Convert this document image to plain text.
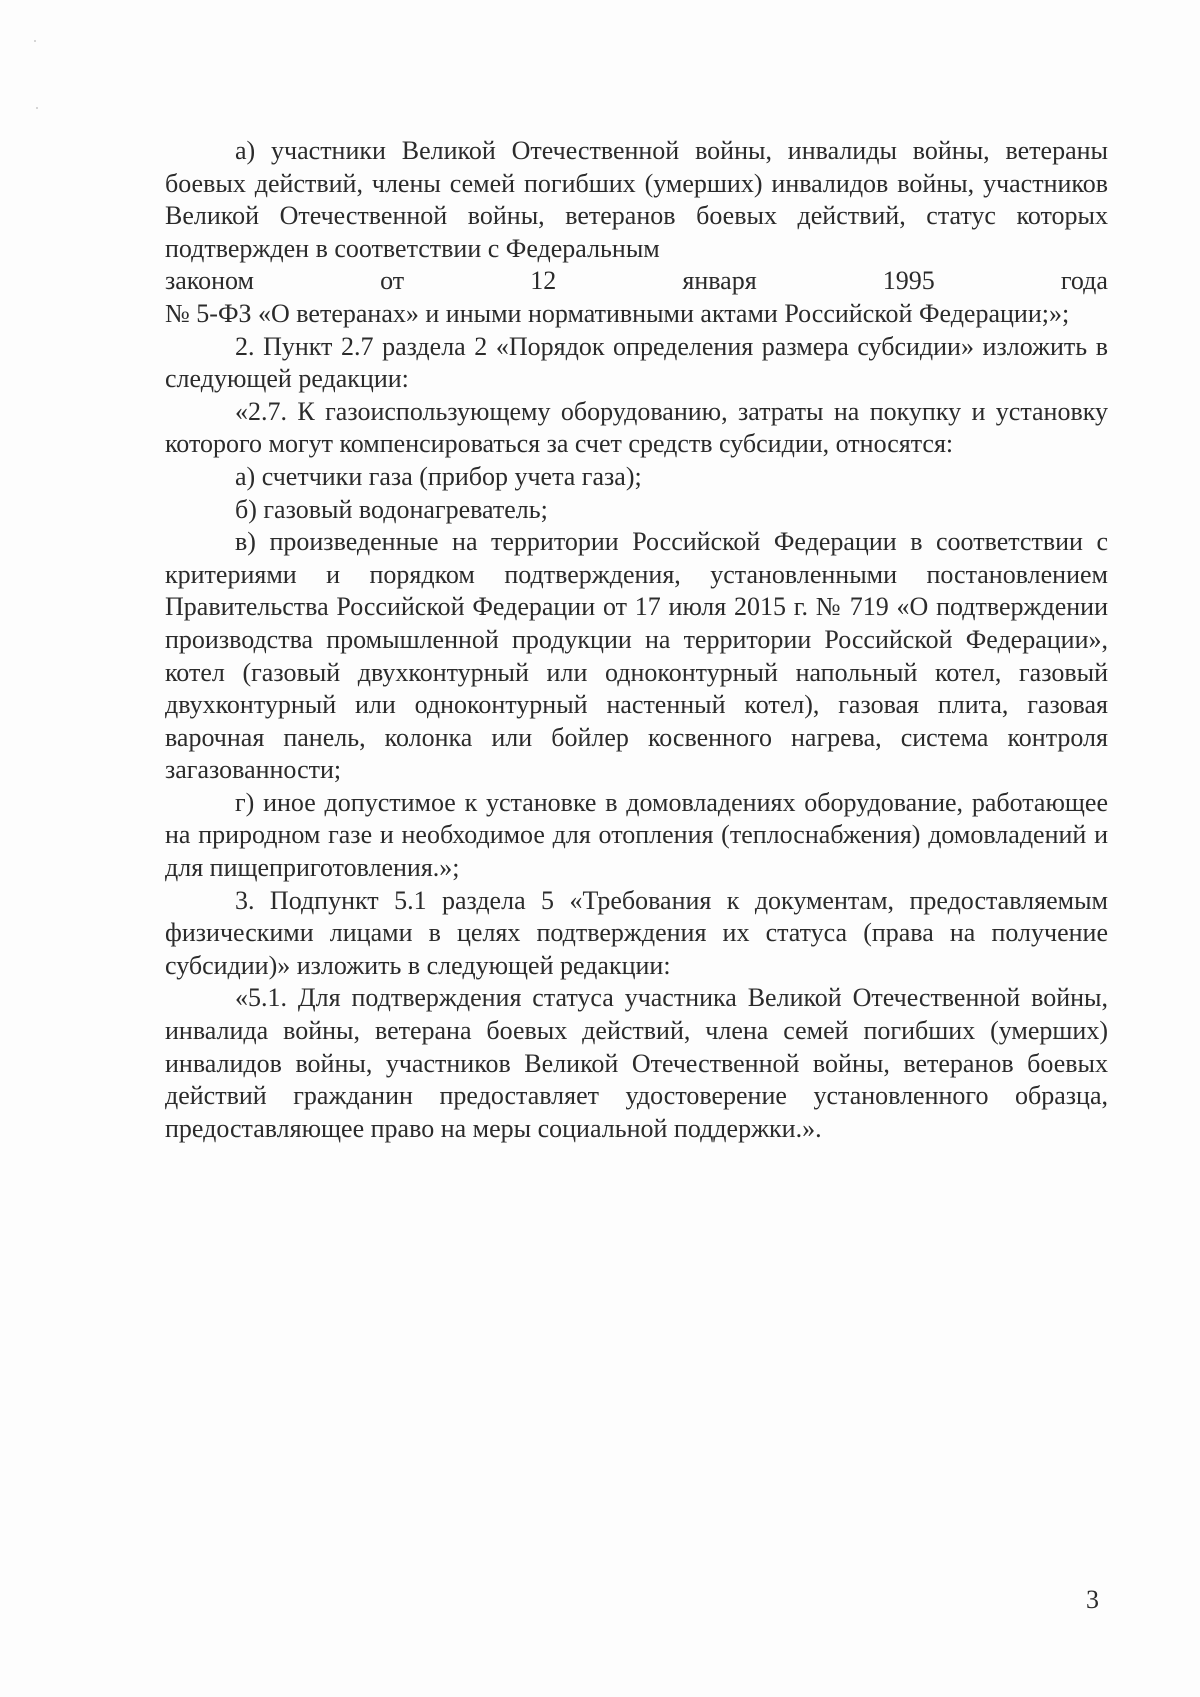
а) участники Великой Отечественной войны, инвалиды войны, ветераны боевых действий, члены семей погибших (умерших) инвалидов войны, участников Великой Отечественной войны, ветеранов боевых действий, статус которых подтвержден в соответствии с Федеральным

законом	от	12	января	1995	года

№ 5-ФЗ «О ветеранах» и иными нормативными актами Российской Федерации;»;

2. Пункт 2.7 раздела 2 «Порядок определения размера субсидии» изложить в следующей редакции:

«2.7. К газоиспользующему оборудованию, затраты на покупку и установку которого могут компенсироваться за счет средств субсидии, относятся:

а) счетчики газа (прибор учета газа);

б) газовый водонагреватель;

в) произведенные на территории Российской Федерации в соответствии с критериями и порядком подтверждения, установленными постановлением Правительства Российской Федерации от 17 июля 2015 г. № 719 «О подтверждении производства промышленной продукции на территории Российской Федерации», котел (газовый двухконтурный или одноконтурный напольный котел, газовый двухконтурный или одноконтурный настенный котел), газовая плита, газовая варочная панель, колонка или бойлер косвенного нагрева, система контроля загазованности;

г) иное допустимое к установке в домовладениях оборудование, работающее на природном газе и необходимое для отопления (теплоснабжения) домовладений и для пищеприготовления.»;

3. Подпункт 5.1 раздела 5 «Требования к документам, предоставляемым физическими лицами в целях подтверждения их статуса (права на получение субсидии)» изложить в следующей редакции:

«5.1. Для подтверждения статуса участника Великой Отечественной войны, инвалида войны, ветерана боевых действий, члена семей погибших (умерших) инвалидов войны, участников Великой Отечественной войны, ветеранов боевых действий гражданин предоставляет удостоверение установленного образца, предоставляющее право на меры социальной поддержки.».

3
